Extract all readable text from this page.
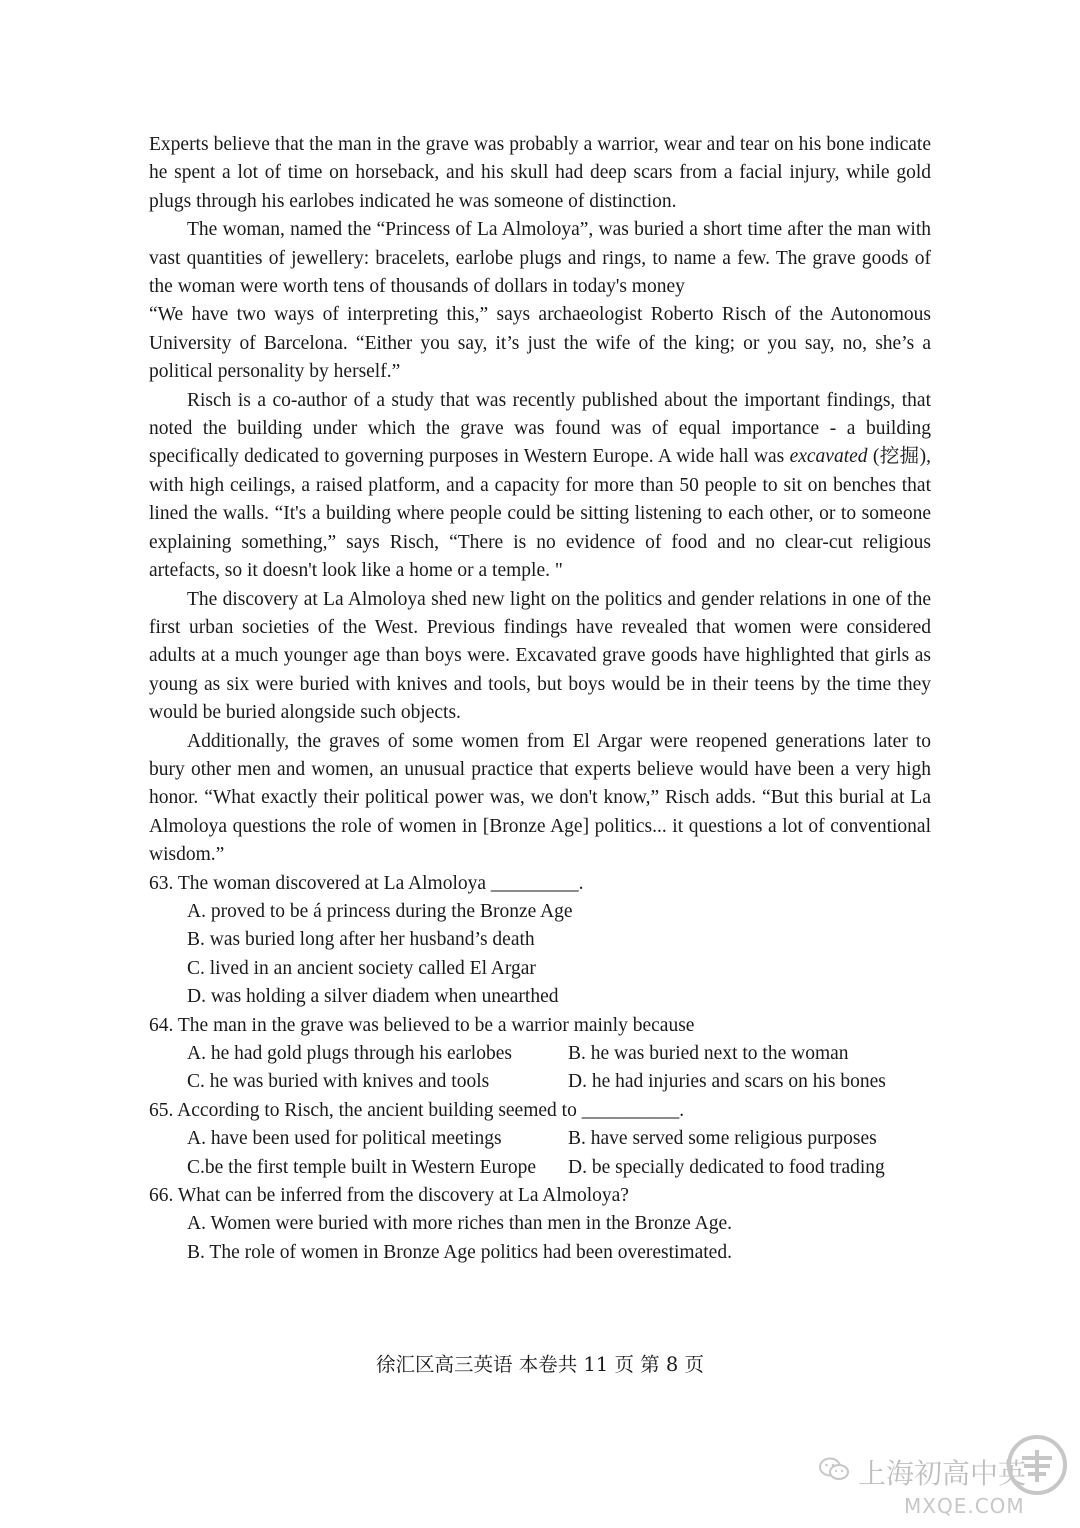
Experts believe that the man in the grave was probably a warrior, wear and tear on his bone indicate he spent a lot of time on horseback, and his skull had deep scars from a facial injury, while gold plugs through his earlobes indicated he was someone of distinction.

The woman, named the “Princess of La Almoloya”, was buried a short time after the man with vast quantities of jewellery: bracelets, earlobe plugs and rings, to name a few. The grave goods of the woman were worth tens of thousands of dollars in today's money

“We have two ways of interpreting this,” says archaeologist Roberto Risch of the Autonomous University of Barcelona. “Either you say, it’s just the wife of the king; or you say, no, she’s a political personality by herself.”

Risch is a co-author of a study that was recently published about the important findings, that noted the building under which the grave was found was of equal importance - a building specifically dedicated to governing purposes in Western Europe. A wide hall was excavated (挖掘), with high ceilings, a raised platform, and a capacity for more than 50 people to sit on benches that lined the walls. “It's a building where people could be sitting listening to each other, or to someone explaining something,” says Risch, “There is no evidence of food and no clear-cut religious artefacts, so it doesn't look like a home or a temple. "

The discovery at La Almoloya shed new light on the politics and gender relations in one of the first urban societies of the West. Previous findings have revealed that women were considered adults at a much younger age than boys were. Excavated grave goods have highlighted that girls as young as six were buried with knives and tools, but boys would be in their teens by the time they would be buried alongside such objects.

Additionally, the graves of some women from El Argar were reopened generations later to bury other men and women, an unusual practice that experts believe would have been a very high honor. “What exactly their political power was, we don't know,” Risch adds. “But this burial at La Almoloya questions the role of women in [Bronze Age] politics... it questions a lot of conventional wisdom.”

63. The woman discovered at La Almoloya _________.

A. proved to be á princess during the Bronze Age

B. was buried long after her husband’s death

C. lived in an ancient society called El Argar

D. was holding a silver diadem when unearthed

64. The man in the grave was believed to be a warrior mainly because

A. he had gold plugs through his earlobes	B. he was buried next to the woman
C. he was buried with knives and tools	D. he had injuries and scars on his bones

65. According to Risch, the ancient building seemed to __________.

A. have been used for political meetings	B. have served some religious purposes
C.be the first temple built in Western Europe	D. be specially dedicated to food trading

66. What can be inferred from the discovery at La Almoloya?

A. Women were buried with more riches than men in the Bronze Age.

B. The role of women in Bronze Age politics had been overestimated.

徐汇区高三英语 本卷共 11 页 第 8 页
上海初高中英
MXQE.COM
